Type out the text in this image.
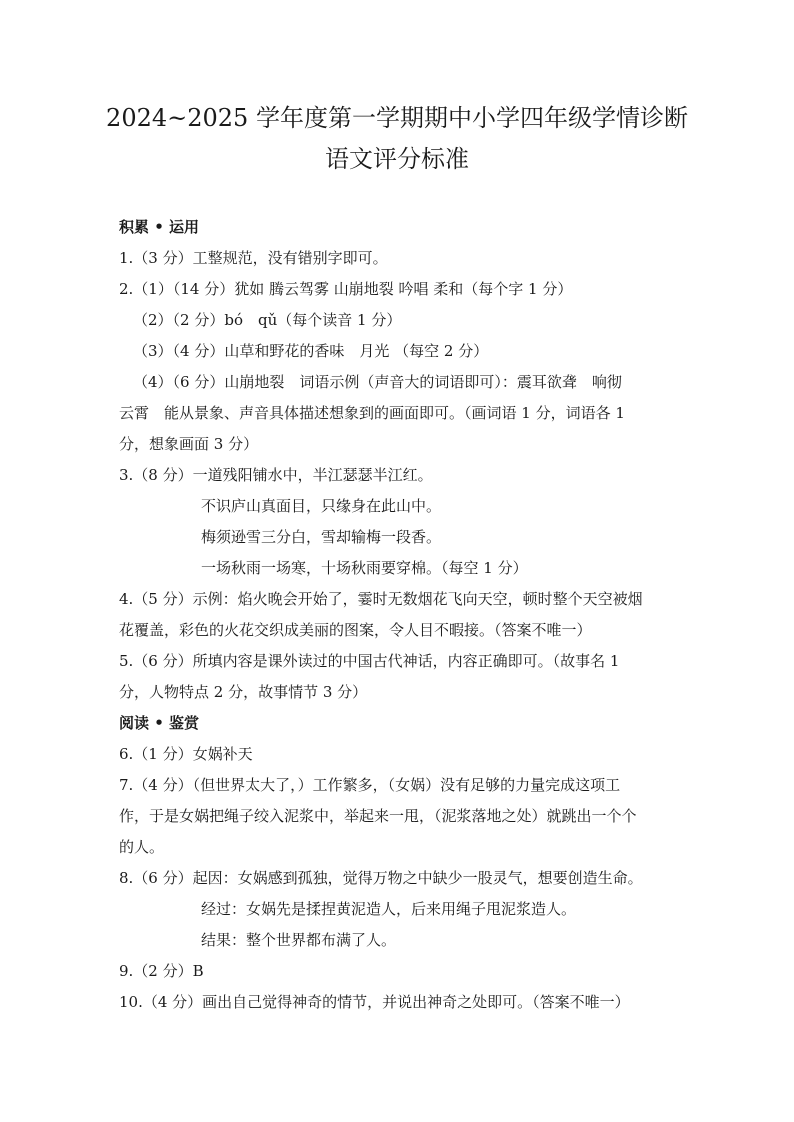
2024~2025 学年度第一学期期中小学四年级学情诊断
语文评分标准
积累 • 运用
1.（3 分）工整规范，没有错别字即可。
2.（1）（14 分）犹如 腾云驾雾 山崩地裂 吟唱 柔和（每个字 1 分）
（2）（2 分）bó　qǔ（每个读音 1 分）
（3）（4 分）山草和野花的香味　月光 （每空 2 分）
（4）（6 分）山崩地裂　词语示例（声音大的词语即可）：震耳欲聋　响彻
云霄　能从景象、声音具体描述想象到的画面即可。（画词语 1 分，词语各 1
分，想象画面 3 分）
3.（8 分）一道残阳铺水中，半江瑟瑟半江红。
不识庐山真面目，只缘身在此山中。
梅须逊雪三分白，雪却输梅一段香。
一场秋雨一场寒，十场秋雨要穿棉。（每空 1 分）
4.（5 分）示例：焰火晚会开始了，霎时无数烟花飞向天空，顿时整个天空被烟
花覆盖，彩色的火花交织成美丽的图案，令人目不暇接。（答案不唯一）
5.（6 分）所填内容是课外读过的中国古代神话，内容正确即可。（故事名 1
分，人物特点 2 分，故事情节 3 分）
阅读 • 鉴赏
6.（1 分）女娲补天
7.（4 分）（但世界太大了，）工作繁多，（女娲）没有足够的力量完成这项工
作，于是女娲把绳子绞入泥浆中，举起来一甩，（泥浆落地之处）就跳出一个个
的人。
8.（6 分）起因：女娲感到孤独，觉得万物之中缺少一股灵气，想要创造生命。
经过：女娲先是揉捏黄泥造人，后来用绳子甩泥浆造人。
结果：整个世界都布满了人。
9.（2 分）B
10.（4 分）画出自己觉得神奇的情节，并说出神奇之处即可。（答案不唯一）
